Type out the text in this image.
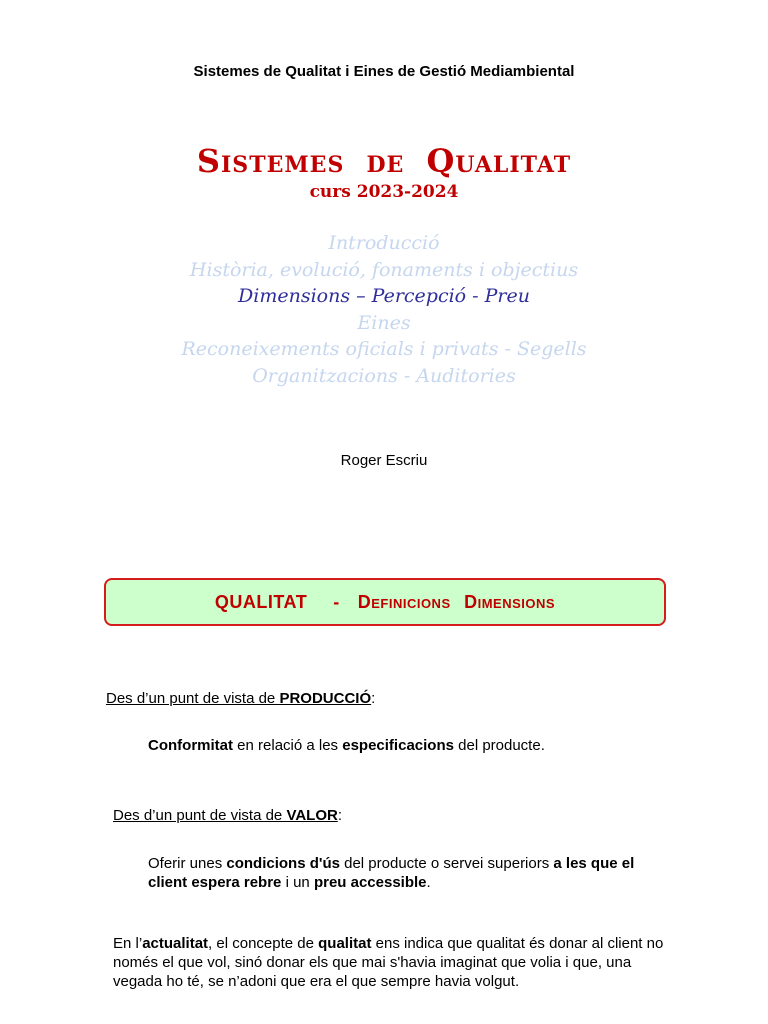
Sistemes de Qualitat i Eines de Gestió Mediambiental
Sistemes de Qualitat
curs 2023-2024
Introducció
Història, evolució, fonaments i objectius
Dimensions – Percepció - Preu
Eines
Reconeixements oficials i privats - Segells
Organitzacions - Auditories
Roger Escriu
QUALITAT - Definicions Dimensions
Des d’un punt de vista de PRODUCCIÓ:
Conformitat en relació a les especificacions del producte.
Des d’un punt de vista de VALOR:
Oferir unes condicions d'ús del producte o servei superiors a les que el client espera rebre i un preu accessible.
En l’actualitat, el concepte de qualitat ens indica que qualitat és donar al client no només el que vol, sinó donar els que mai s'havia imaginat que volia i que, una vegada ho té, se n’adoni que era el que sempre havia volgut.
